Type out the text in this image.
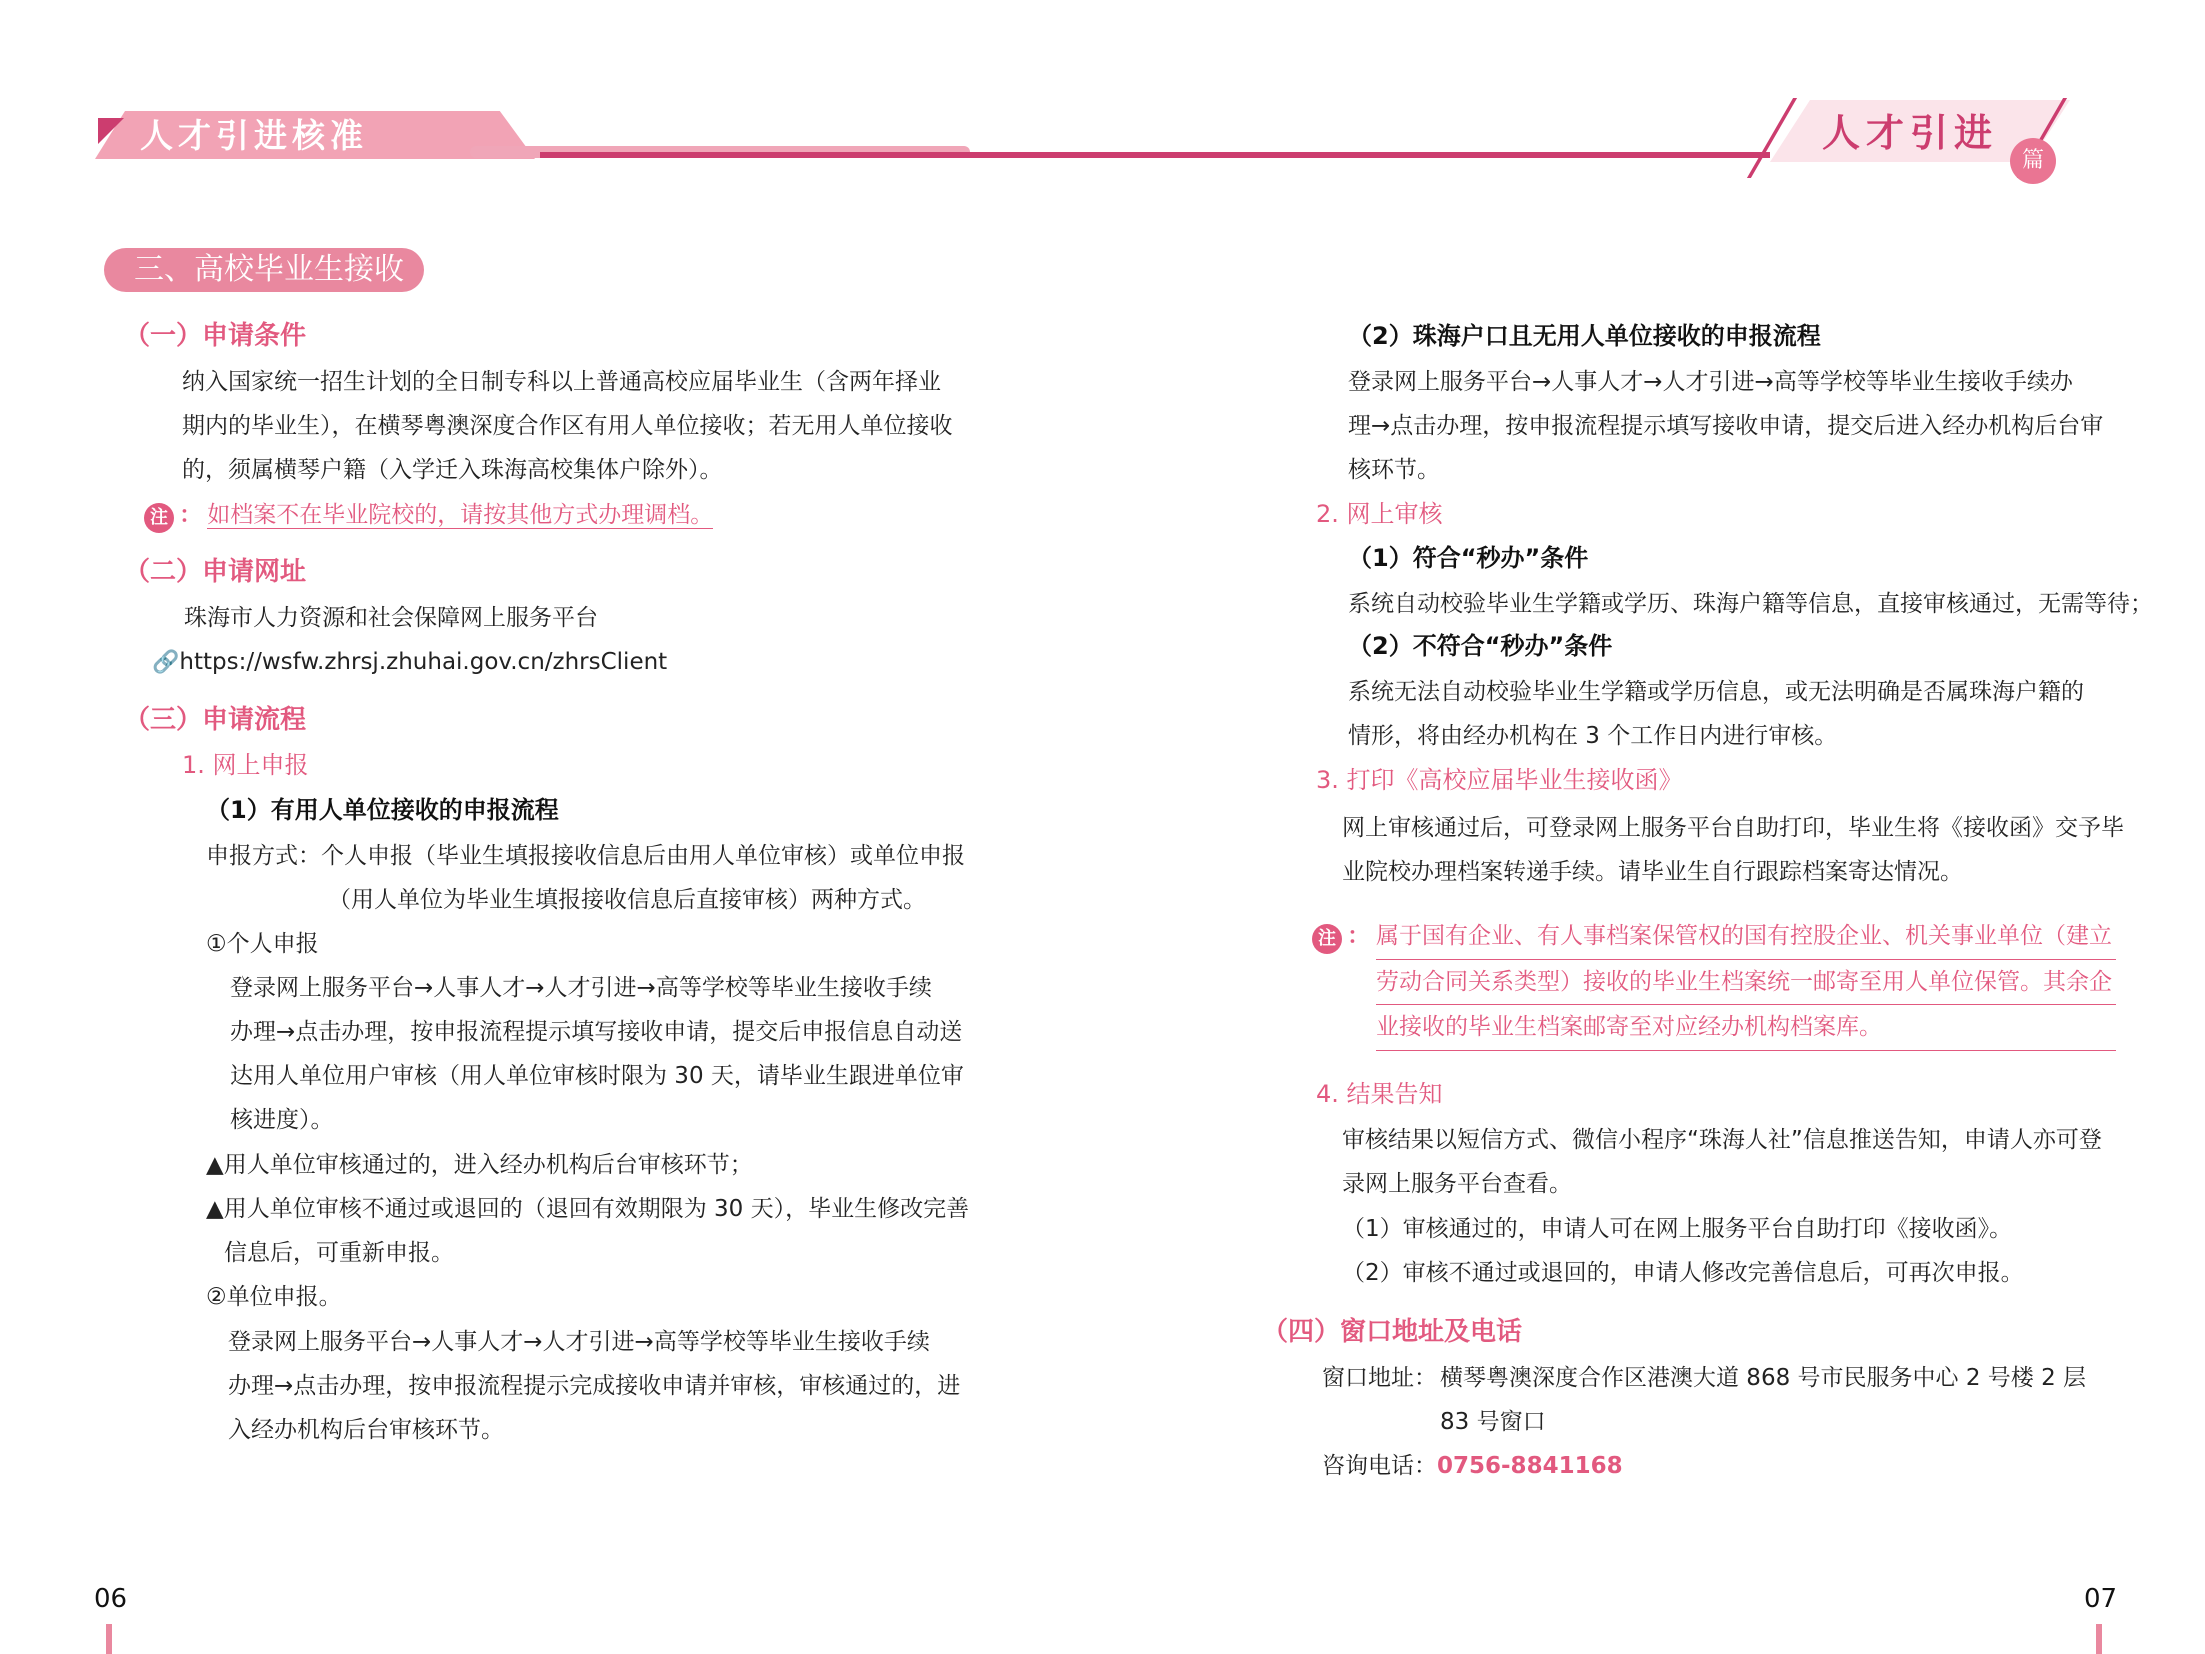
人才引进核准	人才引进
篇
三、高校毕业生接收
（一）申请条件
纳入国家统一招生计划的全日制专科以上普通高校应届毕业生（含两年择业
期内的毕业生），在横琴粤澳深度合作区有用人单位接收；若无用人单位接收
的，须属横琴户籍（入学迁入珠海高校集体户除外）。
注 ： 如档案不在毕业院校的，请按其他方式办理调档。
（二）申请网址
珠海市人力资源和社会保障网上服务平台
🔗https://wsfw.zhrsj.zhuhai.gov.cn/zhrsClient
（三）申请流程
1. 网上申报
（1）有用人单位接收的申报流程
申报方式：个人申报（毕业生填报接收信息后由用人单位审核）或单位申报
（用人单位为毕业生填报接收信息后直接审核）两种方式。
①个人申报
登录网上服务平台→人事人才→人才引进→高等学校等毕业生接收手续
办理→点击办理，按申报流程提示填写接收申请，提交后申报信息自动送
达用人单位用户审核（用人单位审核时限为 30 天，请毕业生跟进单位审
核进度）。
▲用人单位审核通过的，进入经办机构后台审核环节；
▲用人单位审核不通过或退回的（退回有效期限为 30 天），毕业生修改完善
信息后，可重新申报。
②单位申报。
登录网上服务平台→人事人才→人才引进→高等学校等毕业生接收手续
办理→点击办理，按申报流程提示完成接收申请并审核，审核通过的，进
入经办机构后台审核环节。
06
（2）珠海户口且无用人单位接收的申报流程
登录网上服务平台→人事人才→人才引进→高等学校等毕业生接收手续办
理→点击办理，按申报流程提示填写接收申请，提交后进入经办机构后台审
核环节。
2. 网上审核
（1）符合“秒办”条件
系统自动校验毕业生学籍或学历、珠海户籍等信息，直接审核通过，无需等待；
（2）不符合“秒办”条件
系统无法自动校验毕业生学籍或学历信息，或无法明确是否属珠海户籍的
情形，将由经办机构在 3 个工作日内进行审核。
3. 打印《高校应届毕业生接收函》
网上审核通过后，可登录网上服务平台自助打印，毕业生将《接收函》交予毕
业院校办理档案转递手续。请毕业生自行跟踪档案寄达情况。
注 ： 属于国有企业、有人事档案保管权的国有控股企业、机关事业单位（建立
劳动合同关系类型）接收的毕业生档案统一邮寄至用人单位保管。其余企
业接收的毕业生档案邮寄至对应经办机构档案库。
4. 结果告知
审核结果以短信方式、微信小程序“珠海人社”信息推送告知，申请人亦可登
录网上服务平台查看。
（1）审核通过的，申请人可在网上服务平台自助打印《接收函》。
（2）审核不通过或退回的，申请人修改完善信息后，可再次申报。
（四）窗口地址及电话
窗口地址： 横琴粤澳深度合作区港澳大道 868 号市民服务中心 2 号楼 2 层
83 号窗口
咨询电话：0756-8841168
07
